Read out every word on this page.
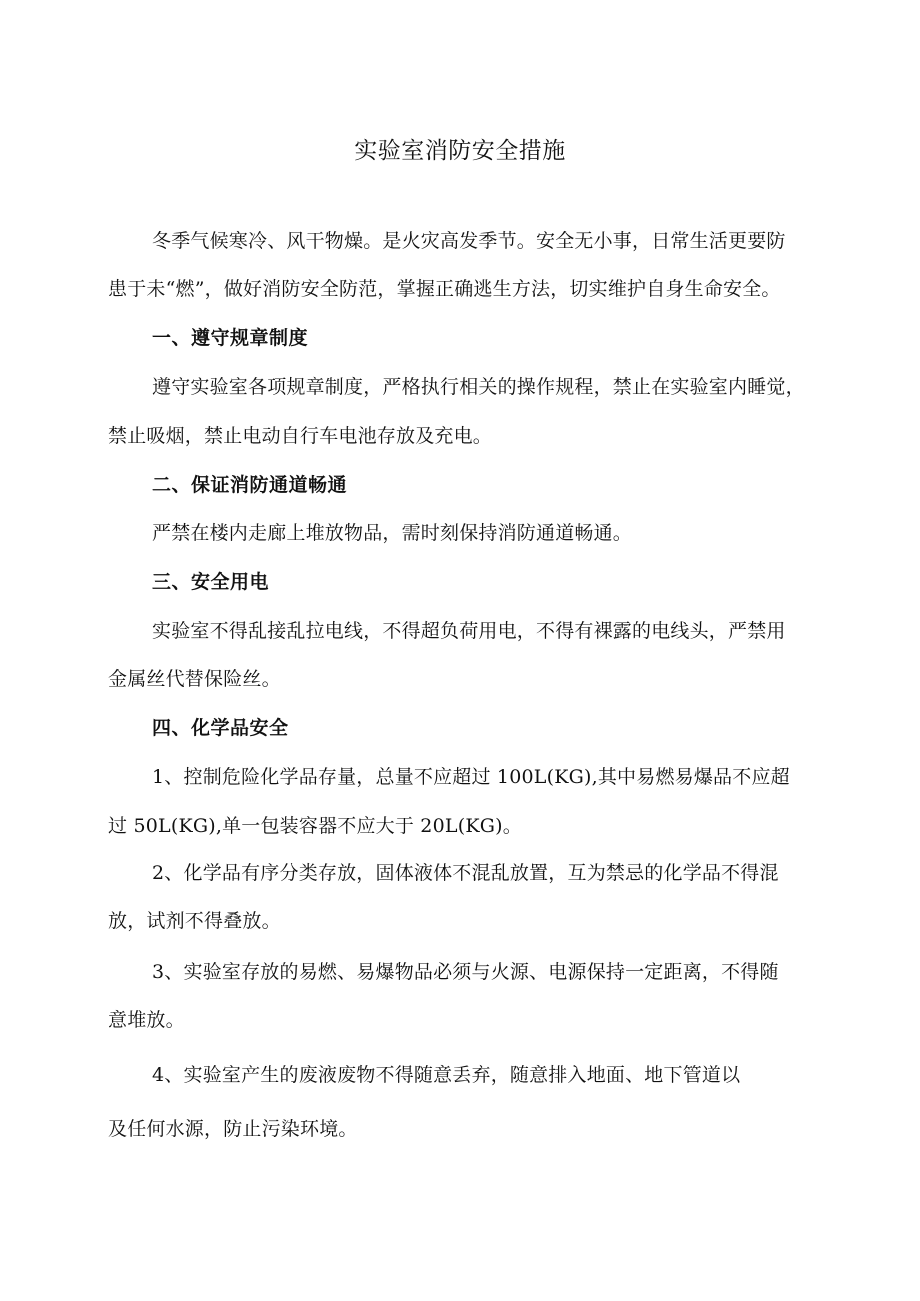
实验室消防安全措施
冬季气候寒冷、风干物燥。是火灾高发季节。安全无小事，日常生活更要防
患于未“燃”，做好消防安全防范，掌握正确逃生方法，切实维护自身生命安全。
一、遵守规章制度
遵守实验室各项规章制度，严格执行相关的操作规程，禁止在实验室内睡觉，
禁止吸烟，禁止电动自行车电池存放及充电。
二、保证消防通道畅通
严禁在楼内走廊上堆放物品，需时刻保持消防通道畅通。
三、安全用电
实验室不得乱接乱拉电线，不得超负荷用电，不得有裸露的电线头，严禁用
金属丝代替保险丝。
四、化学品安全
1、控制危险化学品存量，总量不应超过 100L(KG),其中易燃易爆品不应超
过 50L(KG),单一包装容器不应大于 20L(KG)。
2、化学品有序分类存放，固体液体不混乱放置，互为禁忌的化学品不得混
放，试剂不得叠放。
3、实验室存放的易燃、易爆物品必须与火源、电源保持一定距离，不得随
意堆放。
4、实验室产生的废液废物不得随意丢弃，随意排入地面、地下管道以
及任何水源，防止污染环境。
